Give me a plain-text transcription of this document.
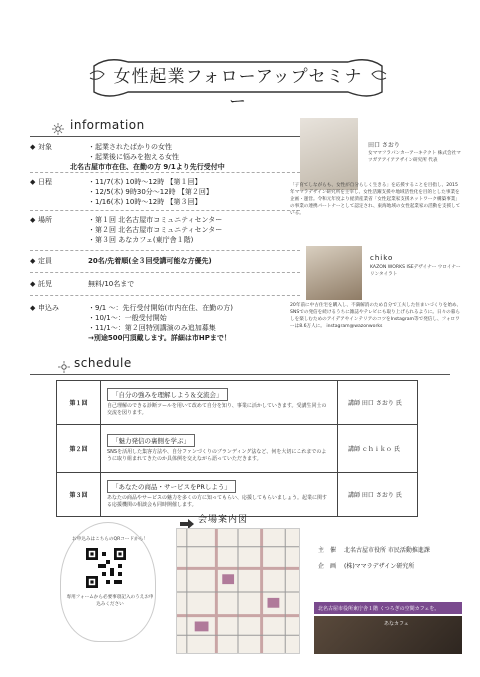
女性起業フォローアップセミナー
information
◆ 対象	・起業されたばかりの女性
・起業後に悩みを抱える女性
北名古屋市市在住、在勤の方 9/1より先行受付中
◆ 日程	・11/7(木) 10時～12時 【第１回】
・12/5(木) 9時30分～12時 【第２回】
・1/16(木) 10時～12時 【第３回】
◆ 場所	・第１回 北名古屋市コミュニティセンター
・第２回 北名古屋市コミュニティセンター
・第３回 あなカフェ(東庁舎１階)
◆ 定員	20名/先着順(全３回受講可能な方優先)
◆ 託児	無料/10名まで
◆ 申込み	・9/1 ～：先行受付開始(市内在住、在勤の方)
・10/1～：一般受付開始
・11/1～：第２回特別講演のみ追加募集
→別途500円頂戴します。詳細は市HPまで！
田口 さおり
女ママフラパンカーアーキテクト 株式会社マツガアアイアアザイン研究所 代表
「子育てしながらも、女性が自分らしく生きる」を応援することを目指し、2015年ママラデザイン研究所を主宰し、女性活躍支援や地域活性化を目的とした事業を企画・運営。令和元年度より経済産業省「女性起業家支援ネットワーク構築事業」の事業の連携パートナーとして認定され、東海地域の女性起業家の活動を支援している。
chiko
KAZON WORKS ISEデザイナー ウロイナーリンタイラト
20年前に中古住宅を購入し、不満解消のため自分で工夫した住まいづくりを始め、SNSでの発信を続けるうちに雑誌やテレビにも取り上げられるように。日々の暮らしを楽しむためのアイデアやインテリアのコツをInstagram等で発信し、フォロワーは8.6万人に。 instagram@wazonworks
schedule
第１回	「自分の強みを理解しよう＆交流会」
自己理解のできる診断ツールを用いて改めて自分を知り、事業に活かしていきます。受講生同士の交流を図ります。	講師 田口 さおり 氏
第２回	「魅力発信の裏側を学ぶ」
SNSを活用した集客方法や、自分ファンづくりのブランディング法など、何を大切にこれまでのように取り組まれてきたのか具体例を交えながら語っていただきます。	講師 ｃｈｉｋｏ 氏
第３回	「あなたの商品・サービスをPRしよう」
あなたの商品やサービスの魅力を多くの方に知ってもらい、応援してもらいましょう。起業に関する応援機関の相談会も同時開催します。	講師 田口 さおり 氏
お申込みはこちらのQRコードから！
専用フォームから必要事項記入のうえお申込みください
会場案内図
主　催 北名古屋市役所 市民活動推進課
企　画 (株)ママラデザイン研究所
北名古屋市役所東庁舎１階 くつろぎの空間カフェを。
あなカフェ
